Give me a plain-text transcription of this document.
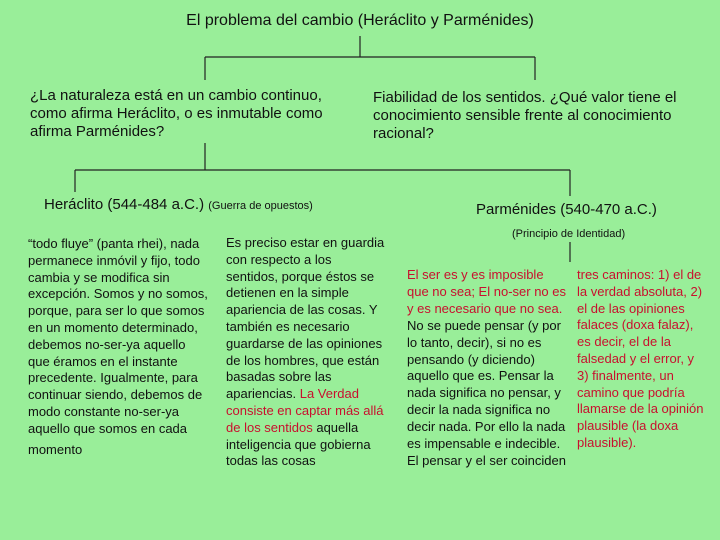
El problema del cambio (Heráclito y Parménides)
¿La naturaleza está en un cambio continuo, como afirma Heráclito, o es inmutable como afirma Parménides?
Fiabilidad de los sentidos. ¿Qué valor tiene el conocimiento sensible frente al conocimiento racional?
Heráclito (544-484 a.C.) (Guerra de opuestos)	Parménides (540-470 a.C.)
(Principio de Identidad)
“todo fluye” (panta rhei), nada permanece inmóvil y fijo, todo cambia y se modifica sin excepción. Somos y no somos, porque, para ser lo que somos en un momento determinado, debemos no-ser-ya aquello que éramos en el instante precedente. Igualmente, para continuar siendo, debemos de modo constante no-ser-ya aquello que somos en cada momento
Es preciso estar en guardia con respecto a los sentidos, porque éstos se detienen en la simple apariencia de las cosas. Y también es necesario guardarse de las opiniones de los hombres, que están basadas sobre las apariencias. La Verdad consiste en captar más allá de los sentidos aquella inteligencia que gobierna todas las cosas
El ser es y es imposible que no sea; El no-ser no es y es necesario que no sea. No se puede pensar (y por lo tanto, decir), si no es pensando (y diciendo) aquello que es. Pensar la nada significa no pensar, y decir la nada significa no decir nada. Por ello la nada es impensable e indecible. El pensar y el ser coinciden
tres caminos: 1) el de la verdad absoluta, 2) el de las opiniones falaces (doxa falaz), es decir, el de la falsedad y el error, y 3) finalmente, un camino que podría llamarse de la opinión plausible (la doxa plausible).
